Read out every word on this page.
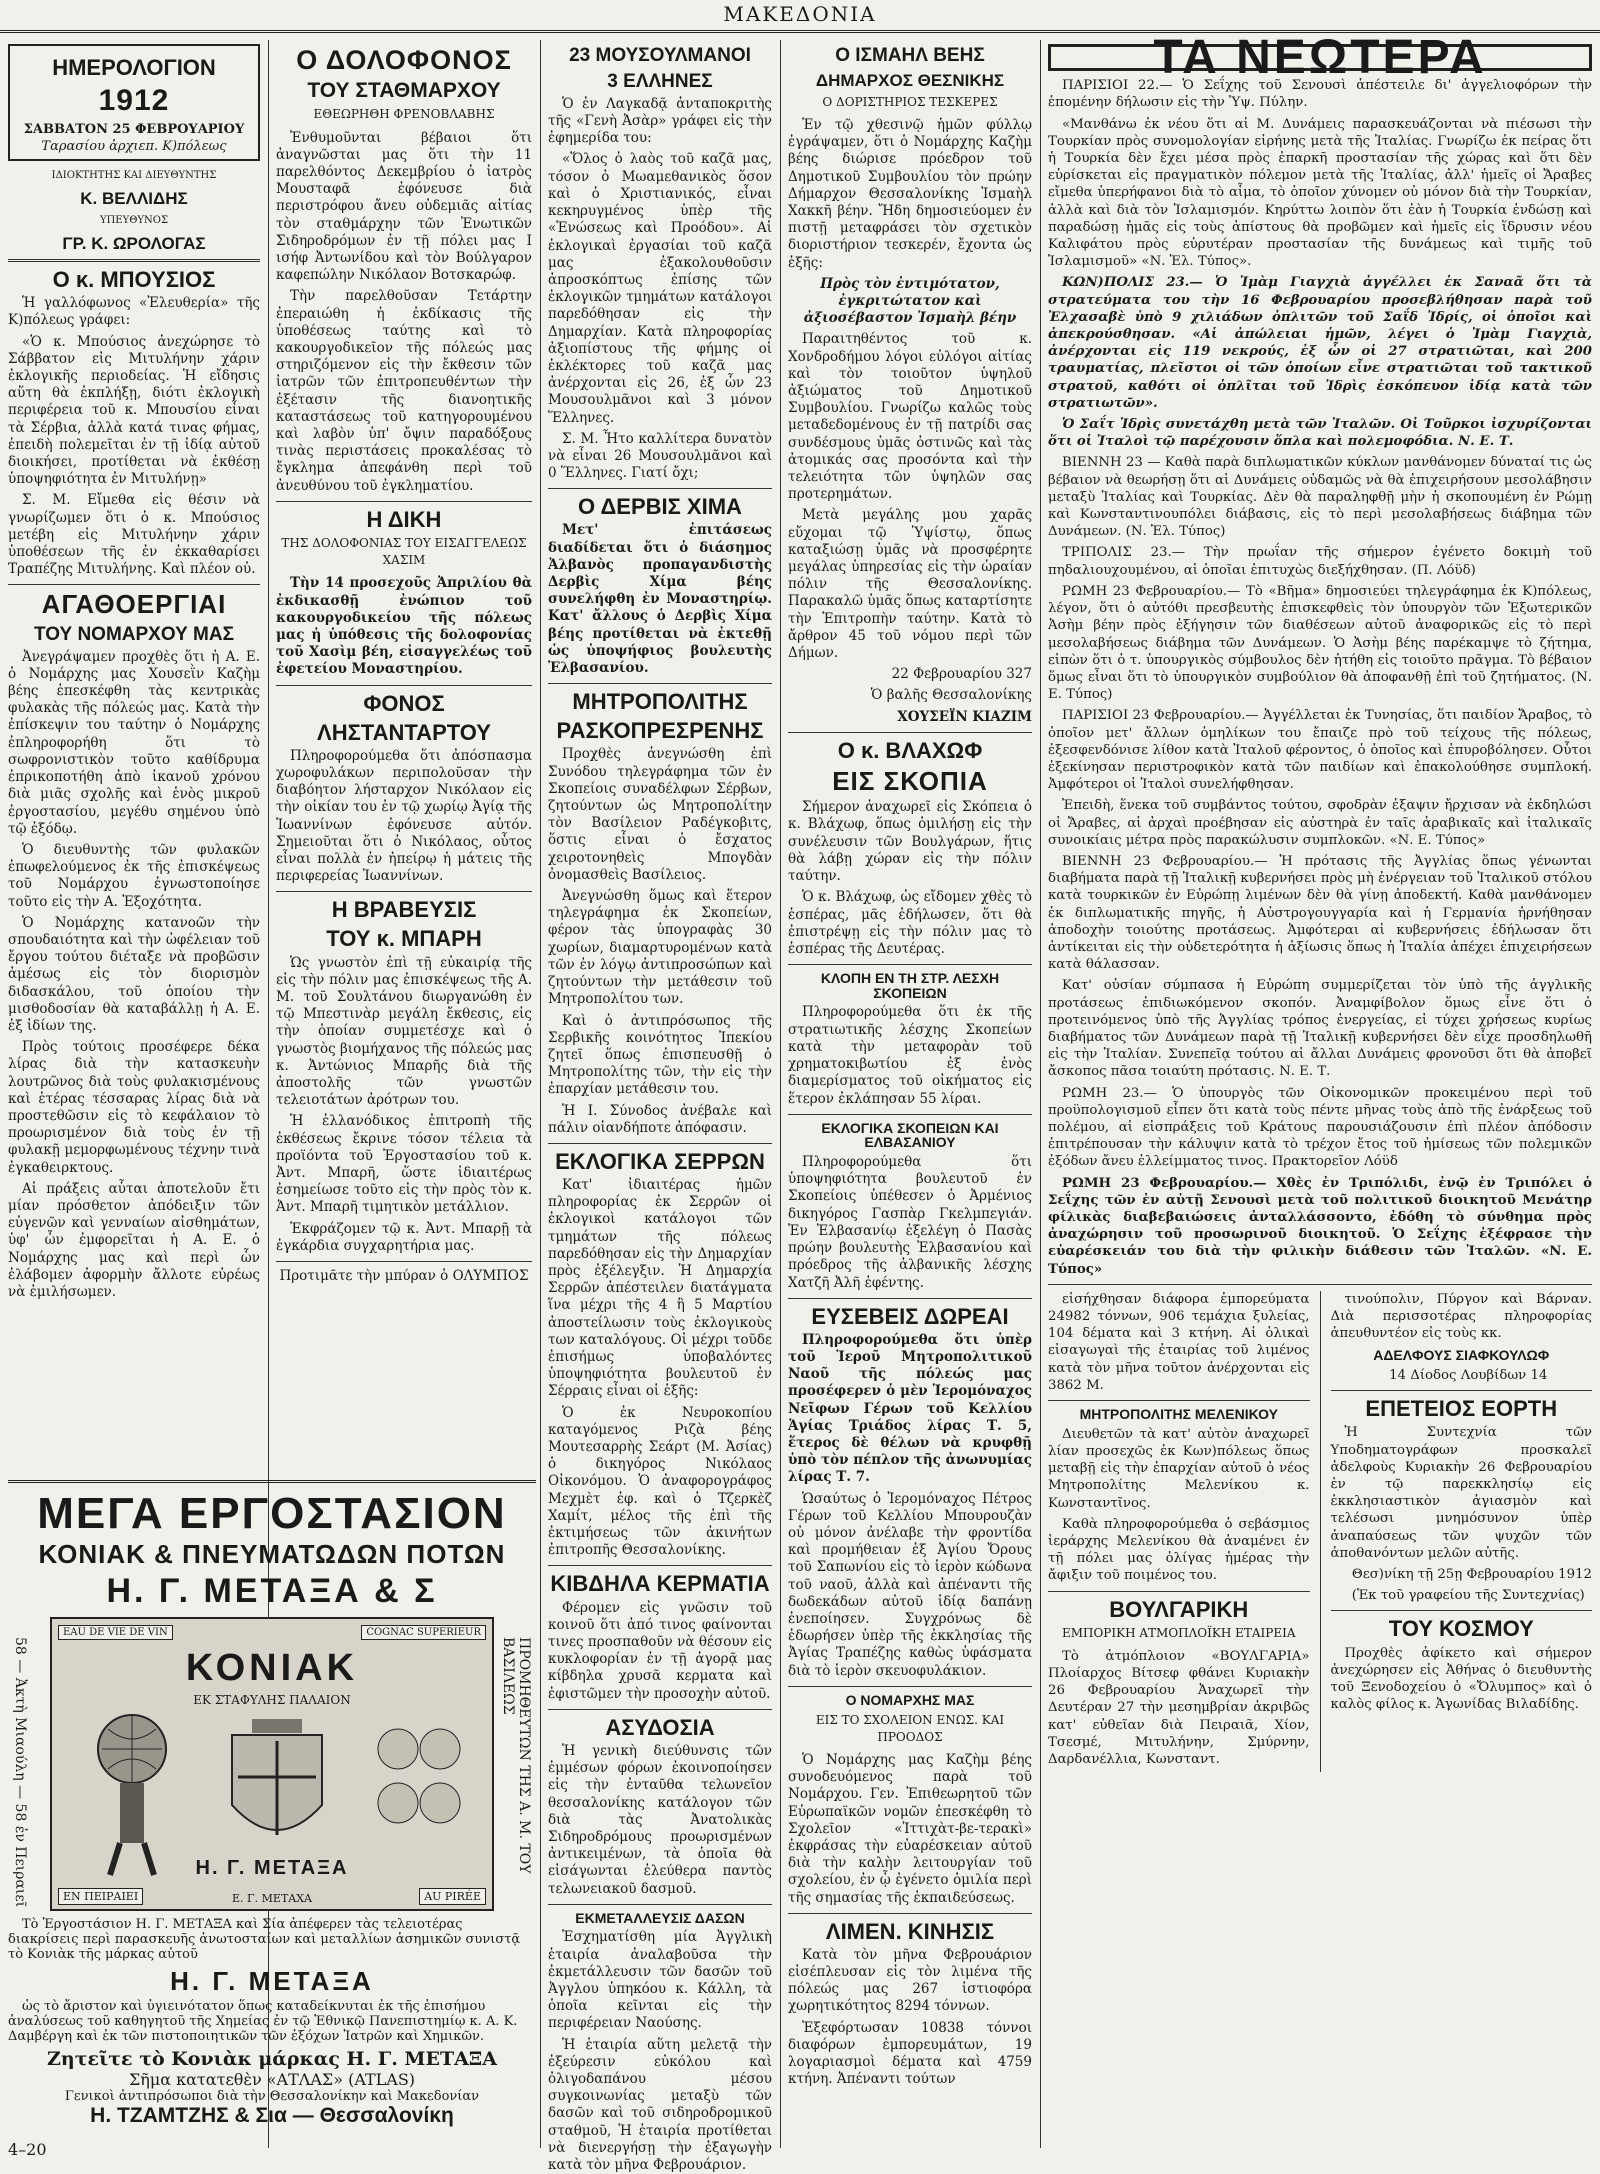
ΜΑΚΕΔΟΝΙΑ
ΗΜΕΡΟΛΟΓΙΟΝ
1912
ΣΑΒΒΑΤΟΝ 25 ΦΕΒΡΟΥΑΡΙΟΥ
Ταρασίου ἀρχιεπ. Κ)πόλεως
ΙΔΙΟΚΤΗΤΗΣ ΚΑΙ ΔΙΕΥΘΥΝΤΗΣ
Κ. ΒΕΛΛΙΔΗΣ
ΥΠΕΥΘΥΝΟΣ
ΓΡ. Κ. ΩΡΟΛΟΓΑΣ
Ο κ. ΜΠΟΥΣΙΟΣ

Ἡ γαλλόφωνος «Ἐλευθερία» τῆς Κ)πόλεως γράφει:

«Ὁ κ. Μπούσιος ἀνεχώρησε τὸ Σάββατον εἰς Μιτυλήνην χάριν ἐκλογικῆς περιοδείας. Ἡ εἴδησις αὕτη θὰ ἐκπλήξῃ, διότι ἐκλογικὴ περιφέρεια τοῦ κ. Μπουσίου εἶναι τὰ Σέρβια, ἀλλὰ κατά τινας φήμας, ἐπειδὴ πολεμεῖται ἐν τῇ ἰδίᾳ αὐτοῦ διοικήσει, προτίθεται νὰ ἐκθέσῃ ὑποψηφιότητα ἐν Μιτυλήνῃ»

Σ. Μ. Εἴμεθα εἰς θέσιν νὰ γνωρίζωμεν ὅτι ὁ κ. Μπούσιος μετέβη εἰς Μιτυλήνην χάριν ὑποθέσεων τῆς ἐν ἐκκαθαρίσει Τραπέζης Μιτυλήνης. Καὶ πλέον οὐ.

ΑΓΑΘΟΕΡΓΙΑΙ
ΤΟΥ ΝΟΜΑΡΧΟΥ ΜΑΣ

Ἀνεγράψαμεν προχθὲς ὅτι ἡ Α. Ε. ὁ Νομάρχης μας Χουσεῒν Καζὴμ βέης ἐπεσκέφθη τὰς κεντρικὰς φυλακὰς τῆς πόλεώς μας. Κατὰ τὴν ἐπίσκεψιν του ταύτην ὁ Νομάρχης ἐπληροφορήθη ὅτι τὸ σωφρονιστικὸν τοῦτο καθίδρυμα ἐπρικοποτήθη ἀπὸ ἱκανοῦ χρόνου διὰ μιᾶς σχολῆς καὶ ἑνὸς μικροῦ ἐργοστασίου, μεγέθυ σημένου ὑπὸ τῷ ἐξόδῳ.

Ὁ διευθυντὴς τῶν φυλακῶν ἐπωφελούμενος ἐκ τῆς ἐπισκέψεως τοῦ Νομάρχου ἐγνωστοποίησε τοῦτο εἰς τὴν Α. Ἐξοχότητα.

Ὁ Νομάρχης κατανοῶν τὴν σπουδαιότητα καὶ τὴν ὠφέλειαν τοῦ ἔργου τούτου διέταξε νὰ προβῶσιν ἀμέσως εἰς τὸν διορισμὸν διδασκάλου, τοῦ ὁποίου τὴν μισθοδοσίαν θὰ καταβάλλῃ ἡ Α. Ε. ἐξ ἰδίων της.

Πρὸς τούτοις προσέφερε δέκα λίρας διὰ τὴν κατασκευὴν λουτρῶνος διὰ τοὺς φυλακισμένους καὶ ἑτέρας τέσσαρας λίρας διὰ νὰ προστεθῶσιν εἰς τὸ κεφάλαιον τὸ προωρισμένον διὰ τοὺς ἐν τῇ φυλακῇ μεμορφωμένους τέχνην τινὰ ἐγκαθειρκτους.

Αἱ πράξεις αὗται ἀποτελοῦν ἔτι μίαν πρόσθετον ἀπόδειξιν τῶν εὐγενῶν καὶ γενναίων αἰσθημάτων, ὑφ' ὧν ἐμφορεῖται ἡ Α. Ε. ὁ Νομάρχης μας καὶ περὶ ὧν ἐλάβομεν ἀφορμὴν ἄλλοτε εὐρέως νὰ ἐμιλήσωμεν.

Ο ΔΟΛΟΦΟΝΟΣ
ΤΟΥ ΣΤΑΘΜΑΡΧΟΥ
ΕΘΕΩΡΗΘΗ ΦΡΕΝΟΒΛΑΒΗΣ

Ἐνθυμοῦνται βέβαιοι ὅτι ἀναγνῶσται μας ὅτι τὴν 11 παρελθόντος Δεκεμβρίου ὁ ἰατρὸς Μουσταφᾶ ἐφόνευσε διὰ περιστρόφου ἄνευ οὐδεμιᾶς αἰτίας τὸν σταθμάρχην τῶν Ἐνωτικῶν Σιδηροδρόμων ἐν τῇ πόλει μας Ι ισήφ Ἀντωνίδου καὶ τὸν Βούλγαρον καφεπώλην Νικόλαον Βοτσκαρώφ.

Τὴν παρελθοῦσαν Τετάρτην ἐπεραιώθη ἡ ἐκδίκασις τῆς ὑποθέσεως ταύτης καὶ τὸ κακουργοδικεῖον τῆς πόλεώς μας στηριζόμενον εἰς τὴν ἔκθεσιν τῶν ἰατρῶν τῶν ἐπιτροπευθέντων τὴν ἐξέτασιν τῆς διανοητικῆς καταστάσεως τοῦ κατηγορουμένου καὶ λαβὸν ὑπ' ὄψιν παραδόξους τινὰς περιστάσεις προκαλέσας τὸ ἔγκλημα ἀπεφάνθη περὶ τοῦ ἀνευθύνου τοῦ ἐγκληματίου.

Η ΔΙΚΗ
ΤΗΣ ΔΟΛΟΦΟΝΙΑΣ ΤΟΥ ΕΙΣΑΓΓΕΛΕΩΣ ΧΑΣΙΜ

Τὴν 14 προσεχοῦς Ἀπριλίου θὰ ἐκδικασθῇ ἐνώπιον τοῦ κακουργοδικείου τῆς πόλεως μας ἡ ὑπόθεσις τῆς δολοφονίας τοῦ Χασὶμ βέη, εἰσαγγελέως τοῦ ἐφετείου Μοναστηρίου.

ΦΟΝΟΣ
ΛΗΣΤΑΝΤΑΡΤΟΥ

Πληροφορούμεθα ὅτι ἀπόσπασμα χωροφυλάκων περιπολοῦσαν τὴν διαβόητον λήσταρχον Νικόλαον εἰς τὴν οἰκίαν του ἐν τῷ χωρίῳ Ἀγίᾳ τῆς Ἰωαννίνων ἐφόνευσε αὐτόν. Σημειοῦται ὅτι ὁ Νικόλαος, οὗτος εἶναι πολλὰ ἐν ἠπείρῳ ἡ μάτεις τῆς περιφερείας Ἰωαννίνων.

Η ΒΡΑΒΕΥΣΙΣ
ΤΟΥ κ. ΜΠΑΡΗ

Ὡς γνωστὸν ἐπὶ τῇ εὐκαιρίᾳ τῆς εἰς τὴν πόλιν μας ἐπισκέψεως τῆς Α. Μ. τοῦ Σουλτάνου διωργανώθη ἐν τῷ Μπεστινὰρ μεγάλη ἔκθεσις, εἰς τὴν ὁποίαν συμμετέσχε καὶ ὁ γνωστὸς βιομήχανος τῆς πόλεώς μας κ. Ἀντώνιος Μπαρῆς διὰ τῆς ἀποστολῆς τῶν γνωστῶν τελειοτάτων ἀρότρων του.

Ἡ ἑλλανόδικος ἐπιτροπὴ τῆς ἐκθέσεως ἔκρινε τόσον τέλεια τὰ προϊόντα τοῦ Ἐργοστασίου τοῦ κ. Ἀντ. Μπαρῆ, ὥστε ἰδιαιτέρως ἐσημείωσε τοῦτο εἰς τὴν πρὸς τὸν κ. Ἀντ. Μπαρῆ τιμητικὸν μετάλλιον.

Ἐκφράζομεν τῷ κ. Ἀντ. Μπαρῇ τὰ ἐγκάρδια συγχαρητήρια μας.

Προτιμᾶτε τὴν μπύραν ὁ ΟΛΥΜΠΟΣ
ΜΕΓΑ ΕΡΓΟΣΤΑΣΙΟΝ
ΚΟΝΙΑΚ & ΠΝΕΥΜΑΤΩΔΩΝ ΠΟΤΩΝ
Η. Γ. ΜΕΤΑΞΑ & Σ
58 — Ἀκτὴ Μιαούλη — 58 ἐν Πειραιεῖ	ΠΡΟΜΗΘΕΥΤΩΝ ΤΗΣ Α. Μ. ΤΟΥ ΒΑΣΙΛΕΩΣ
EAU DE VIE DE VIN	COGNAC SUPERIEUR
ΚΟΝΙΑΚ
ΕΚ ΣΤΑΦΥΛΗΣ ΠΑΛΑΙΟΝ
Η. Γ. ΜΕΤΑΞΑ
ΕΝ ΠΕΙΡΑΙΕΙ	Ε. Γ. ΜΕΤΑΧΑ	AU PIRÉE

Τὸ Ἐργοστάσιον Η. Γ. ΜΕΤΑΞΑ καὶ Σία ἀπέφερεν τὰς τελειοτέρας διακρίσεις περὶ παρασκευῆς ἀνωτοσταίων καὶ μεταλλίων ἀσημικῶν συνιστᾷ τὸ Κονιὰκ τῆς μάρκας αὐτοῦ

Η. Γ. ΜΕΤΑΞΑ

ὡς τὸ ἄριστον καὶ ὑγιεινότατον ὅπως καταδείκνυται ἐκ τῆς ἐπισήμου ἀναλύσεως τοῦ καθηγητοῦ τῆς Χημείας ἐν τῷ Ἐθνικῷ Πανεπιστημίῳ κ. Α. Κ. Δαμβέργη καὶ ἐκ τῶν πιστοποιητικῶν τῶν ἐξόχων Ἰατρῶν καὶ Χημικῶν.

Ζητεῖτε τὸ Κονιὰκ μάρκας Η. Γ. ΜΕΤΑΞΑ
Σῆμα κατατεθὲν «ΑΤΛΑΣ» (ATLAS)
Γενικοὶ ἀντιπρόσωποι διὰ τὴν Θεσσαλονίκην καὶ Μακεδονίαν
Η. ΤΖΑΜΤΖΗΣ & Σια — Θεσσαλονίκη
4–20
23 ΜΟΥΣΟΥΛΜΑΝΟΙ
3 ΕΛΛΗΝΕΣ

Ὁ ἐν Λαγκαδᾷ ἀνταποκριτὴς τῆς «Γενὴ Ἀσὰρ» γράφει εἰς τὴν ἐφημερίδα του:

«Ὅλος ὁ λαὸς τοῦ καζᾶ μας, τόσον ὁ Μωαμεθανικὸς ὅσον καὶ ὁ Χριστιανικός, εἶναι κεκηρυγμένος ὑπὲρ τῆς «Ἑνώσεως καὶ Προόδου». Αἱ ἐκλογικαὶ ἐργασίαι τοῦ καζᾶ μας ἐξακολουθοῦσιν ἀπροσκόπτως ἐπίσης τῶν ἐκλογικῶν τμημάτων κατάλογοι παρεδόθησαν εἰς τὴν Δημαρχίαν. Κατὰ πληροφορίας ἀξιοπίστους τῆς φήμης οἱ ἐκλέκτορες τοῦ καζᾶ μας ἀνέρχονται εἰς 26, ἐξ ὧν 23 Μουσουλμᾶνοι καὶ 3 μόνον Ἕλληνες.

Σ. Μ. Ἦτο καλλίτερα δυνατὸν νὰ εἶναι 26 Μουσουλμᾶνοι καὶ 0 Ἕλληνες. Γιατί ὄχι;

Ο ΔΕΡΒΙΣ ΧΙΜΑ

Μετ' ἐπιτάσεως διαδίδεται ὅτι ὁ διάσημος Ἀλβανὸς προπαγανδιστὴς Δερβὶς Χίμα βέης συνελήφθη ἐν Μοναστηρίῳ. Κατ' ἄλλους ὁ Δερβὶς Χίμα βέης προτίθεται νὰ ἐκτεθῇ ὡς ὑποψήφιος βουλευτὴς Ἐλβασανίου.

ΜΗΤΡΟΠΟΛΙΤΗΣ
ΡΑΣΚΟΠΡΕΣΡΕΝΗΣ

Προχθὲς ἀνεγνώσθη ἐπὶ Συνόδου τηλεγράφημα τῶν ἐν Σκοπείοις συναδέλφων Σέρβων, ζητούντων ὡς Μητροπολίτην τὸν Βασίλειον Ραδέγκοβιτς, ὅστις εἶναι ὁ ἔσχατος χειροτονηθεὶς Μπογδὰν ὀνομασθεὶς Βασίλειος.

Ἀνεγνώσθη ὅμως καὶ ἕτερον τηλεγράφημα ἐκ Σκοπείων, φέρον τὰς ὑπογραφὰς 30 χωρίων, διαμαρτυρομένων κατὰ τῶν ἐν λόγῳ ἀντιπροσώπων καὶ ζητούντων τὴν μετάθεσιν τοῦ Μητροπολίτου των.

Καὶ ὁ ἀντιπρόσωπος τῆς Σερβικῆς κοινότητος Ἰπεκίου ζητεῖ ὅπως ἐπισπευσθῇ ὁ Μητροπολίτης τῶν, τὴν εἰς τὴν ἐπαρχίαν μετάθεσιν του.

Ἡ Ι. Σύνοδος ἀνέβαλε καὶ πάλιν οἱανδήποτε ἀπόφασιν.

ΕΚΛΟΓΙΚΑ ΣΕΡΡΩΝ

Κατ' ἰδιαιτέρας ἡμῶν πληροφορίας ἐκ Σερρῶν οἱ ἐκλογικοὶ κατάλογοι τῶν τμημάτων τῆς πόλεως παρεδόθησαν εἰς τὴν Δημαρχίαν πρὸς ἐξέλεγξιν. Ἡ Δημαρχία Σερρῶν ἀπέστειλεν διατάγματα ἵνα μέχρι τῆς 4 ἢ 5 Μαρτίου ἀποστείλωσιν τοὺς ἐκλογικοὺς των καταλόγους. Οἱ μέχρι τοῦδε ἐπισήμως ὑποβαλόντες ὑποψηφιότητα βουλευτοῦ ἐν Σέρραις εἶναι οἱ ἑξῆς:

Ὁ ἐκ Νευροκοπίου καταγόμενος Ριζὰ βέης Μουτεσαρρὴς Σεάρτ (Μ. Ἀσίας) ὁ δικηγόρος Νικόλαος Οἰκονόμου. Ὁ ἀναφορογράφος Μεχμὲτ ἐφ. καὶ ὁ Τζερκὲζ Χαμίτ, μέλος τῆς ἐπὶ τῆς ἐκτιμήσεως τῶν ἀκινήτων ἐπιτροπῆς Θεσσαλονίκης.

ΚΙΒΔΗΛΑ ΚΕΡΜΑΤΙΑ

Φέρομεν εἰς γνῶσιν τοῦ κοινοῦ ὅτι ἀπό τινος φαίνονται τινες προσπαθοῦν νὰ θέσουν εἰς κυκλοφορίαν ἐν τῇ ἀγορᾷ μας κίβδηλα χρυσᾶ κερματα καὶ ἐφιστῶμεν τὴν προσοχὴν αὐτοῦ.

ΑΣΥΔΟΣΙΑ

Ἡ γενικὴ διεύθυνσις τῶν ἐμμέσων φόρων ἐκοινοποίησεν εἰς τὴν ἐνταῦθα τελωνεῖον θεσσαλονίκης κατάλογον τῶν διὰ τὰς Ἀνατολικὰς Σιδηροδρόμους προωρισμένων ἀντικειμένων, τὰ ὁποῖα θὰ εἰσάγωνται ἐλεύθερα παντὸς τελωνειακοῦ δασμοῦ.

ΕΚΜΕΤΑΛΛΕΥΣΙΣ ΔΑΣΩΝ

Ἐσχηματίσθη μία Ἀγγλικὴ ἑταιρία ἀναλαβοῦσα τὴν ἐκμετάλλευσιν τῶν δασῶν τοῦ Ἀγγλου ὑπηκόου κ. Κάλλη, τὰ ὁποῖα κεῖνται εἰς τὴν περιφέρειαν Ναούσης.

Ἡ ἑταιρία αὕτη μελετᾷ τὴν ἐξεύρεσιν εὐκόλου καὶ ὀλιγοδαπάνου μέσου συγκοινωνίας μεταξὺ τῶν δασῶν καὶ τοῦ σιδηροδρομικοῦ σταθμοῦ, Ἡ ἑταιρία προτίθεται νὰ διενεργήσῃ τὴν ἐξαγωγὴν κατὰ τὸν μῆνα Φεβρουάριον.

Ο ΙΣΜΑΗΛ ΒΕΗΣ
ΔΗΜΑΡΧΟΣ ΘΕΣΝΙΚΗΣ
Ο ΔΟΡΙΣΤΗΡΙΟΣ ΤΕΣΚΕΡΕΣ

Ἐν τῷ χθεσινῷ ἡμῶν φύλλῳ ἐγράψαμεν, ὅτι ὁ Νομάρχης Καζὴμ βέης διώρισε πρόεδρον τοῦ Δημοτικοῦ Συμβουλίου τὸν πρώην Δήμαρχον Θεσσαλονίκης Ἰσμαὴλ Χακκῆ βέην. Ἤδη δημοσιεύομεν ἐν πιστῇ μεταφράσει τὸν σχετικὸν διοριστήριον τεσκερέν, ἔχοντα ὡς ἑξῆς:

Πρὸς τὸν ἐντιμότατον, ἐγκριτώτατον καὶ ἀξιοσέβαστον Ἰσμαὴλ βέην

Παραιτηθέντος τοῦ κ. Χονδροδήμου λόγοι εὐλόγοι αἰτίας καὶ τὸν τοιοῦτον ὑψηλοῦ ἀξιώματος τοῦ Δημοτικοῦ Συμβουλίου. Γνωρίζω καλῶς τοὺς μεταδεδομένους ἐν τῇ πατρίδι σας συνδέσμους ὑμᾶς ὀστινῶς καὶ τὰς ἀτομικάς σας προσόντα καὶ τὴν τελειότητα τῶν ὑψηλῶν σας προτερημάτων.

Μετὰ μεγάλης μου χαρᾶς εὔχομαι τῷ Ὑψίστῳ, ὅπως καταξιώσῃ ὑμᾶς νὰ προσφέρητε μεγάλας ὑπηρεσίας εἰς τὴν ὡραίαν πόλιν τῆς Θεσσαλονίκης. Παρακαλῶ ὑμᾶς ὅπως καταρτίσητε τὴν Ἐπιτροπὴν ταύτην. Κατὰ τὸ ἄρθρον 45 τοῦ νόμου περὶ τῶν Δήμων.

22 Φεβρουαρίου 327

Ὁ βαλῆς Θεσσαλονίκης

ΧΟΥΣΕΪΝ ΚΙΑΖΙΜ

Ο κ. ΒΛΑΧΩΦ
ΕΙΣ ΣΚΟΠΙΑ

Σήμερον ἀναχωρεῖ εἰς Σκόπεια ὁ κ. Βλάχωφ, ὅπως ὁμιλήσῃ εἰς τὴν συνέλευσιν τῶν Βουλγάρων, ἥτις θὰ λάβῃ χώραν εἰς τὴν πόλιν ταύτην.

Ὁ κ. Βλάχωφ, ὡς εἴδομεν χθὲς τὸ ἑσπέρας, μᾶς ἐδήλωσεν, ὅτι θὰ ἐπιστρέψῃ εἰς τὴν πόλιν μας τὸ ἑσπέρας τῆς Δευτέρας.

ΚΛΟΠΗ ΕΝ ΤΗ ΣΤΡ. ΛΕΣΧΗ ΣΚΟΠΕΙΩΝ

Πληροφορούμεθα ὅτι ἐκ τῆς στρατιωτικῆς λέσχης Σκοπείων κατὰ τὴν μεταφορὰν τοῦ χρηματοκιβωτίου ἐξ ἑνὸς διαμερίσματος τοῦ οἰκήματος εἰς ἕτερον ἐκλάπησαν 55 λίραι.

ΕΚΛΟΓΙΚΑ ΣΚΟΠΕΙΩΝ ΚΑΙ ΕΛΒΑΣΑΝΙΟΥ

Πληροφορούμεθα ὅτι ὑποψηφιότητα βουλευτοῦ ἐν Σκοπείοις ὑπέθεσεν ὁ Ἀρμένιος δικηγόρος Γασπὰρ Γκελμπεγιάν. Ἐν Ἐλβασανίῳ ἐξελέγη ὁ Πασὰς πρώην βουλευτὴς Ἐλβασανίου καὶ πρόεδρος τῆς ἀλβανικῆς λέσχης Χατζῆ Ἀλῆ ἐφέντης.

ΕΥΣΕΒΕΙΣ ΔΩΡΕΑΙ

Πληροφορούμεθα ὅτι ὑπὲρ τοῦ Ἱεροῦ Μητροπολιτικοῦ Ναοῦ τῆς πόλεώς μας προσέφερεν ὁ μὲν Ἱερομόναχος Νεῖφων Γέρων τοῦ Κελλίου Ἁγίας Τριάδος λίρας Τ. 5, ἕτερος δὲ θέλων νὰ κρυφθῇ ὑπὸ τὸν πέπλον τῆς ἀνωνυμίας λίρας Τ. 7.

Ὡσαύτως ὁ Ἱερομόναχος Πέτρος Γέρων τοῦ Κελλίου Μπουρουζὰν οὐ μόνον ἀνέλαβε τὴν φροντίδα καὶ προμήθειαν ἐξ Ἀγίου Ὄρους τοῦ Σαπωνίου εἰς τὸ ἱερὸν κώδωνα τοῦ ναοῦ, ἀλλὰ καὶ ἀπέναντι τῆς δωδεκάδων αὐτοῦ ἰδίᾳ δαπάνῃ ἐνεποίησεν. Συγχρόνως δὲ ἐδωρήσεν ὑπὲρ τῆς ἐκκλησίας τῆς Ἀγίας Τραπέζης καθὼς ὑφάσματα διὰ τὸ ἱερὸν σκευοφυλάκιον.

Ο ΝΟΜΑΡΧΗΣ ΜΑΣ
ΕΙΣ ΤΟ ΣΧΟΛΕΙΟΝ ΕΝΩΣ. ΚΑΙ ΠΡΟΟΔΟΣ

Ὁ Νομάρχης μας Καζὴμ βέης συνοδευόμενος παρὰ τοῦ Νομάρχου. Γεν. Ἐπιθεωρητοῦ τῶν Εὐρωπαϊκῶν νομῶν ἐπεσκέφθη τὸ Σχολεῖον «Ἰττιχὰτ-βε-τερακὶ» ἐκφράσας τὴν εὐαρέσκειαν αὐτοῦ διὰ τὴν καλὴν λειτουργίαν τοῦ σχολείου, ἐν ᾧ ἐγένετο ὁμιλία περὶ τῆς σημασίας τῆς ἐκπαιδεύσεως.

ΛΙΜΕΝ. ΚΙΝΗΣΙΣ

Κατὰ τὸν μῆνα Φεβρουάριον εἰσέπλευσαν εἰς τὸν λιμένα τῆς πόλεώς μας 267 ἱστιοφόρα χωρητικότητος 8294 τόννων.

Ἐξεφόρτωσαν 10838 τόννοι διαφόρων ἐμπορευμάτων, 19 λογαριασμοὶ δέματα καὶ 4759 κτήνη. Ἀπέναντι τούτων

ΤΑ ΝΕΩΤΕΡΑ

ΠΑΡΙΣΙΟΙ 22.— Ὁ Σεΐχης τοῦ Σενουσὶ ἀπέστειλε δι' ἀγγελιοφόρων τὴν ἑπομένην δήλωσιν εἰς τὴν Ὑψ. Πύλην.

«Μανθάνω ἐκ νέου ὅτι αἱ Μ. Δυνάμεις παρασκευάζονται νὰ πιέσωσι τὴν Τουρκίαν πρὸς συνομολογίαν εἰρήνης μετὰ τῆς Ἰταλίας. Γνωρίζω ἐκ πείρας ὅτι ἡ Τουρκία δὲν ἔχει μέσα πρὸς ἐπαρκῆ προστασίαν τῆς χώρας καὶ ὅτι δὲν εὑρίσκεται εἰς πραγματικὸν πόλεμον μετὰ τῆς Ἰταλίας, ἀλλ' ἡμεῖς οἱ Ἄραβες εἴμεθα ὑπερήφανοι διὰ τὸ αἷμα, τὸ ὁποῖον χύνομεν οὐ μόνον διὰ τὴν Τουρκίαν, ἀλλὰ καὶ διὰ τὸν Ἰσλαμισμόν. Κηρύττω λοιπὸν ὅτι ἐὰν ἡ Τουρκία ἐνδώσῃ καὶ παραδώσῃ ἡμᾶς εἰς τοὺς ἀπίστους θὰ προβῶμεν καὶ ἡμεῖς εἰς ἵδρυσιν νέου Καλιφάτου πρὸς εὐρυτέραν προστασίαν τῆς δυνάμεως καὶ τιμῆς τοῦ Ἰσλαμισμοῦ» «Ν. Ἐλ. Τύπος».

ΚΩΝ)ΠΟΛΙΣ 23.— Ὁ Ἰμὰμ Γιαγχιὰ ἀγγέλλει ἐκ Σαναᾶ ὅτι τὰ στρατεύματα του τὴν 16 Φεβρουαρίου προσεβλήθησαν παρὰ τοῦ Ἐλχασαβὲ ὑπὸ 9 χιλιάδων ὁπλιτῶν τοῦ Σαΐδ Ἰδρίς, οἱ ὁποῖοι καὶ ἀπεκρούσθησαν. «Αἱ ἀπώλειαι ἡμῶν, λέγει ὁ Ἰμὰμ Γιαγχιὰ, ἀνέρχονται εἰς 119 νεκρούς, ἐξ ὧν οἱ 27 στρατιῶται, καὶ 200 τραυματίας, πλεῖστοι οἱ τῶν ὁποίων εἶνε στρατιῶται τοῦ τακτικοῦ στρατοῦ, καθότι οἱ ὁπλῖται τοῦ Ἰδρὶς ἐσκόπευον ἰδίᾳ κατὰ τῶν στρατιωτῶν».

Ὁ Σαΐτ Ἰδρὶς συνετάχθη μετὰ τῶν Ἰταλῶν. Οἱ Τοῦρκοι ἰσχυρίζονται ὅτι οἱ Ἰταλοὶ τῷ παρέχουσιν ὅπλα καὶ πολεμοφόδια. Ν. Ε. Τ.

ΒΙΕΝΝΗ 23 — Καθὰ παρὰ διπλωματικῶν κύκλων μανθάνομεν δύναταί τις ὡς βέβαιον νὰ θεωρήσῃ ὅτι αἱ Δυνάμεις οὐδαμῶς νὰ θὰ ἐπιχειρήσουν μεσολάβησιν μεταξὺ Ἰταλίας καὶ Τουρκίας. Δὲν θὰ παραληφθῇ μὴν ἡ σκοπουμένη ἐν Ρώμῃ καὶ Κωνσταντινουπόλει διάβασις, εἰς τὸ περὶ μεσολαβήσεως διάβημα τῶν Δυνάμεων. (Ν. Ἐλ. Τύπος)

ΤΡΙΠΟΛΙΣ 23.— Τὴν πρωΐαν τῆς σήμερον ἐγένετο δοκιμὴ τοῦ πηδαλιουχουμένου, αἱ ὁποῖαι ἐπιτυχὼς διεξήχθησαν. (Π. Λόϋδ)

ΡΩΜΗ 23 Φεβρουαρίου.— Τὸ «Βῆμα» δημοσιεύει τηλεγράφημα ἐκ Κ)πόλεως, λέγον, ὅτι ὁ αὐτόθι πρεσβευτὴς ἐπισκεφθεὶς τὸν ὑπουργὸν τῶν Ἐξωτερικῶν Ἀσὴμ βέην πρὸς ἐξήγησιν τῶν διαθέσεων αὐτοῦ ἀναφορικῶς εἰς τὸ περὶ μεσολαβήσεως διάβημα τῶν Δυνάμεων. Ὁ Ἀσὴμ βέης παρέκαμψε τὸ ζήτημα, εἰπὼν ὅτι ὁ τ. ὑπουργικὸς σύμβουλος δὲν ἠτήθη εἰς τοιοῦτο πρᾶγμα. Τὸ βέβαιον ὅμως εἶναι ὅτι τὸ ὑπουργικὸν συμβούλιον θὰ ἀποφανθῇ ἐπὶ τοῦ ζητήματος. (Ν. Ε. Τύπος)

ΠΑΡΙΣΙΟΙ 23 Φεβρουαρίου.— Ἀγγέλλεται ἐκ Τυνησίας, ὅτι παιδίον Ἄραβος, τὸ ὁποῖον μετ' ἄλλων ὁμηλίκων του ἔπαιζε πρὸ τοῦ τείχους τῆς πόλεως, ἐξεσφενδόνισε λίθον κατὰ Ἰταλοῦ φέροντος, ὁ ὁποῖος καὶ ἐπυροβόλησεν. Οὗτοι ἐξεκίνησαν περιστροφικὸν κατὰ τῶν παιδίων καὶ ἐπακολούθησε συμπλοκή. Ἀμφότεροι οἱ Ἰταλοὶ συνελήφθησαν.

Ἐπειδὴ, ἕνεκα τοῦ συμβάντος τούτου, σφοδρὰν ἐξαψιν ἤρχισαν νὰ ἐκδηλώσι οἱ Ἄραβες, αἱ ἀρχαὶ προέβησαν εἰς αὐστηρὰ ἐν ταῖς ἀραβικαῖς καὶ ἰταλικαῖς συνοικίαις μέτρα πρὸς παρακώλυσιν συμπλοκῶν. «Ν. Ε. Τύπος»

ΒΙΕΝΝΗ 23 Φεβρουαρίου.— Ἡ πρότασις τῆς Ἀγγλίας ὅπως γένωνται διαβήματα παρὰ τῇ Ἰταλικῇ κυβερνήσει πρὸς μὴ ἐνέργειαν τοῦ Ἰταλικοῦ στόλου κατὰ τουρκικῶν ἐν Εὐρώπῃ λιμένων δὲν θὰ γίνῃ ἀποδεκτή. Καθὰ μανθάνομεν ἐκ διπλωματικῆς πηγῆς, ἡ Αὐστρογουγγαρία καὶ ἡ Γερμανία ἠρνήθησαν ἀποδοχὴν τοιούτης προτάσεως. Ἀμφότεραι αἱ κυβερνήσεις ἐδήλωσαν ὅτι ἀντίκειται εἰς τὴν οὐδετερότητα ἡ ἀξίωσις ὅπως ἡ Ἰταλία ἀπέχει ἐπιχειρήσεων κατὰ θάλασσαν.

Κατ' οὐσίαν σύμπασα ἡ Εὐρώπη συμμερίζεται τὸν ὑπὸ τῆς ἀγγλικῆς προτάσεως ἐπιδιωκόμενον σκοπόν. Ἀναμφίβολον ὅμως εἶνε ὅτι ὁ προτεινόμενος ὑπὸ τῆς Ἀγγλίας τρόπος ἐνεργείας, εἰ τύχει χρήσεως κυρίως διαβήματος τῶν Δυνάμεων παρὰ τῇ Ἰταλικῇ κυβερνήσει δὲν εἶχε προσδηλωθῆ εἰς τὴν Ἰταλίαν. Συνεπεῖᾳ τούτου αἱ ἄλλαι Δυνάμεις φρονοῦσι ὅτι θὰ ἀποβεῖ ἄσκοπος πᾶσα τοιαύτη πρότασις. Ν. Ε. Τ.

ΡΩΜΗ 23.— Ὁ ὑπουργὸς τῶν Οἰκονομικῶν προκειμένου περὶ τοῦ προϋπολογισμοῦ εἶπεν ὅτι κατὰ τοὺς πέντε μῆνας τοὺς ἀπὸ τῆς ἐνάρξεως τοῦ πολέμου, αἱ εἰσπράξεις τοῦ Κράτους παρουσιάζουσιν ἐπὶ πλέον ἀπόδοσιν ἐπιτρέπουσαν τὴν κάλυψιν κατὰ τὸ τρέχον ἔτος τοῦ ἡμίσεως τῶν πολεμικῶν ἐξόδων ἄνευ ἐλλείμματος τινος. Πρακτορεῖον Λόϋδ

ΡΩΜΗ 23 Φεβρουαρίου.— Χθὲς ἐν Τριπόλιδι, ἐνῷ ἐν Τριπόλει ὁ Σεΐχης τῶν ἐν αὐτῇ Σενουσὶ μετὰ τοῦ πολιτικοῦ διοικητοῦ Μενάτηρ φίλικὰς διαβεβαιώσεις ἀνταλλάσσοντο, ἐδόθη τὸ σύνθημα πρὸς ἀναχώρησιν τοῦ προσωρινοῦ διοικητοῦ. Ὁ Σεΐχης ἐξέφρασε τὴν εὐαρέσκειάν του διὰ τὴν φιλικὴν διάθεσιν τῶν Ἰταλῶν. «Ν. Ε. Τύπος»

εἰσήχθησαν διάφορα ἐμπορεύματα 24982 τόννων, 906 τεμάχια ξυλείας, 104 δέματα καὶ 3 κτήνη. Αἱ ὁλικαὶ εἰσαγωγαὶ τῆς ἐταιρίας τοῦ λιμένος κατὰ τὸν μῆνα τοῦτον ἀνέρχονται εἰς 3862 Μ.

ΜΗΤΡΟΠΟΛΙΤΗΣ ΜΕΛΕΝΙΚΟΥ

Διευθετῶν τὰ κατ' αὐτὸν ἀναχωρεῖ λίαν προσεχῶς ἐκ Κων)πόλεως ὅπως μεταβῇ εἰς τὴν ἐπαρχίαν αὐτοῦ ὁ νέος Μητροπολίτης Μελενίκου κ. Κωνσταντῖνος.

Καθὰ πληροφορούμεθα ὁ σεβάσμιος ἱεράρχης Μελενίκου θὰ ἀναμένει ἐν τῇ πόλει μας ὀλίγας ἡμέρας τὴν ἄφιξιν τοῦ ποιμένος του.

ΒΟΥΛΓΑΡΙΚΗ
ΕΜΠΟΡΙΚΗ ΑΤΜΟΠΛΟΪΚΗ ΕΤΑΙΡΕΙΑ

Τὸ ἀτμόπλοιον «ΒΟΥΛΓΑΡΙΑ» Πλοίαρχος Βίτσεφ φθάνει Κυριακὴν 26 Φεβρουαρίου Ἀναχωρεῖ τὴν Δευτέραν 27 τὴν μεσημβρίαν ἀκριβῶς κατ' εὐθεῖαν διὰ Πειραιᾶ, Χίον, Τσεσμέ, Μιτυλήνην, Σμύρνην, Δαρδανέλλια, Κωνσταντ.

τινούπολιν, Πύργον καὶ Βάρναν. Διὰ περισσοτέρας πληροφορίας ἀπευθυντέον εἰς τοὺς κκ.

ΑΔΕΛΦΟΥΣ ΣΙΑΦΚΟΥΛΩΦ

14 Δίοδος Λουβίδων 14

ΕΠΕΤΕΙΟΣ ΕΟΡΤΗ

Ἡ Συντεχνία τῶν Υποδηματογράφων προσκαλεῖ ἀδελφοὺς Κυριακὴν 26 Φεβρουαρίου ἐν τῷ παρεκκλησίῳ εἰς ἐκκλησιαστικὸν ἀγιασμὸν καὶ τελέσωσι μνημόσυνον ὑπὲρ ἀναπαύσεως τῶν ψυχῶν τῶν ἀποθανόντων μελῶν αὐτῆς.

Θεσ)νίκη τῇ 25ῃ Φεβρουαρίου 1912

(Ἐκ τοῦ γραφείου τῆς Συντεχνίας)

ΤΟΥ ΚΟΣΜΟΥ

Προχθὲς ἀφίκετο καὶ σήμερον ἀνεχώρησεν εἰς Ἀθήνας ὁ διευθυντὴς τοῦ Ξενοδοχείου ὁ «Ὄλυμπος» καὶ ὁ καλὸς φίλος κ. Ἀγωνίδας Βιλαδίδης.
